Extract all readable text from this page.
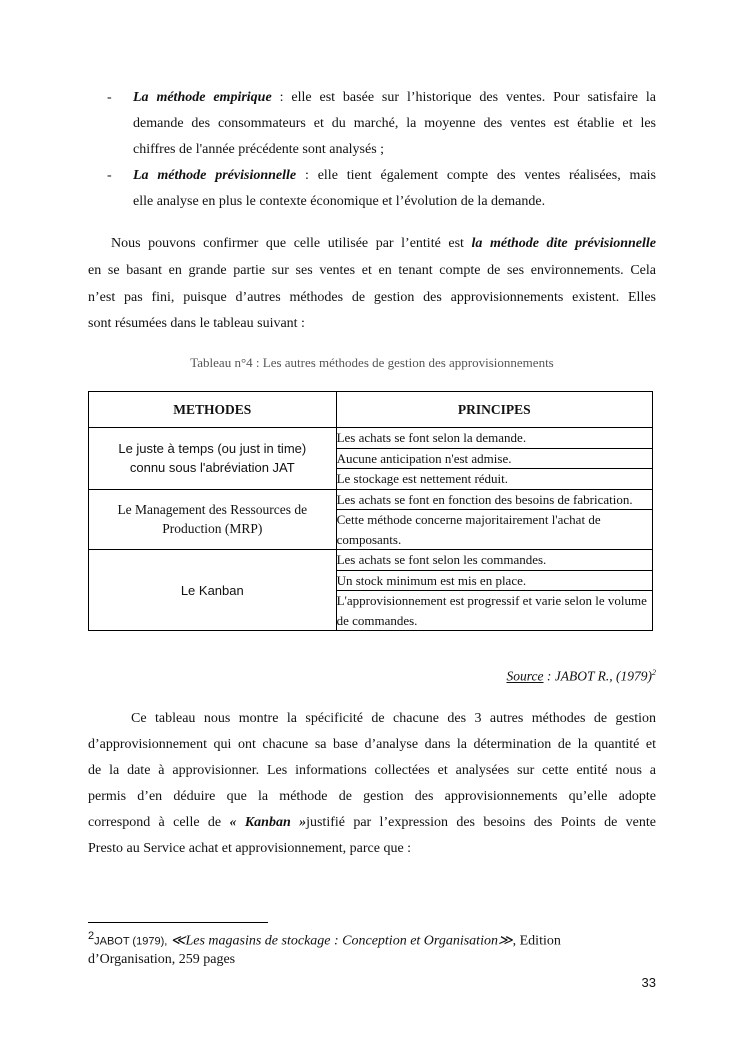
- La méthode empirique : elle est basée sur l’historique des ventes. Pour satisfaire la
demande des consommateurs et du marché, la moyenne des ventes est établie et les
chiffres de l'année précédente sont analysés ;
- La méthode prévisionnelle : elle tient également compte des ventes réalisées, mais
elle analyse en plus le contexte économique et l’évolution de la demande.
Nous pouvons confirmer que celle utilisée par l’entité est la méthode dite prévisionnelle
en se basant en grande partie sur ses ventes et en tenant compte de ses environnements. Cela
n’est pas fini, puisque d’autres méthodes de gestion des approvisionnements existent. Elles
sont résumées dans le tableau suivant :
Tableau n°4 : Les autres méthodes de gestion des approvisionnements
METHODES	PRINCIPES
Le juste à temps (ou just in time) connu sous l'abréviation JAT	Les achats se font selon la demande.
	Aucune anticipation n'est admise.
	Le stockage est nettement réduit.
Le Management des Ressources de Production (MRP)	Les achats se font en fonction des besoins de fabrication.
	Cette méthode concerne majoritairement l'achat de composants.
Le Kanban	Les achats se font selon les commandes.
	Un stock minimum est mis en place.
	L'approvisionnement est progressif et varie selon le volume de commandes.
Source : JABOT R., $(1979)^2$
Ce tableau nous montre la spécificité de chacune des 3 autres méthodes de gestion
d’approvisionnement qui ont chacune sa base d’analyse dans la détermination de la quantité et
de la date à approvisionner. Les informations collectées et analysées sur cette entité nous a
permis d’en déduire que la méthode de gestion des approvisionnements qu’elle adopte
correspond à celle de « Kanban »justifié par l’expression des besoins des Points de vente
Presto au Service achat et approvisionnement, parce que :
$^2$JABOT (1979), ≪Les magasins de stockage : Conception et Organisation≫, Edition
d’Organisation, 259 pages
33
